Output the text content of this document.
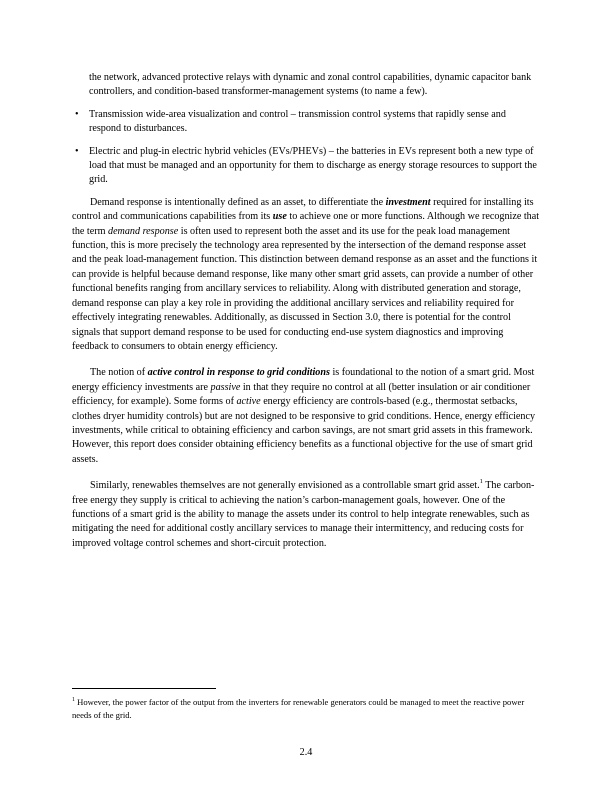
the network, advanced protective relays with dynamic and zonal control capabilities, dynamic capacitor bank controllers, and condition-based transformer-management systems (to name a few).
• Transmission wide-area visualization and control – transmission control systems that rapidly sense and respond to disturbances.
• Electric and plug-in electric hybrid vehicles (EVs/PHEVs) – the batteries in EVs represent both a new type of load that must be managed and an opportunity for them to discharge as energy storage resources to support the grid.

Demand response is intentionally defined as an asset, to differentiate the investment required for installing its control and communications capabilities from its use to achieve one or more functions. Although we recognize that the term demand response is often used to represent both the asset and its use for the peak load management function, this is more precisely the technology area represented by the intersection of the demand response asset and the peak load-management function. This distinction between demand response as an asset and the functions it can provide is helpful because demand response, like many other smart grid assets, can provide a number of other functional benefits ranging from ancillary services to reliability. Along with distributed generation and storage, demand response can play a key role in providing the additional ancillary services and reliability required for effectively integrating renewables. Additionally, as discussed in Section 3.0, there is potential for the control signals that support demand response to be used for conducting end-use system diagnostics and improving feedback to consumers to obtain energy efficiency.

The notion of active control in response to grid conditions is foundational to the notion of a smart grid. Most energy efficiency investments are passive in that they require no control at all (better insulation or air conditioner efficiency, for example). Some forms of active energy efficiency are controls-based (e.g., thermostat setbacks, clothes dryer humidity controls) but are not designed to be responsive to grid conditions. Hence, energy efficiency investments, while critical to obtaining efficiency and carbon savings, are not smart grid assets in this framework. However, this report does consider obtaining efficiency benefits as a functional objective for the use of smart grid assets.

Similarly, renewables themselves are not generally envisioned as a controllable smart grid asset.$^1$ The carbon-free energy they supply is critical to achieving the nation’s carbon-management goals, however. One of the functions of a smart grid is the ability to manage the assets under its control to help integrate renewables, such as mitigating the need for additional costly ancillary services to manage their intermittency, and reducing costs for improved voltage control schemes and short-circuit protection.

$^1$ However, the power factor of the output from the inverters for renewable generators could be managed to meet the reactive power needs of the grid.
2.4
